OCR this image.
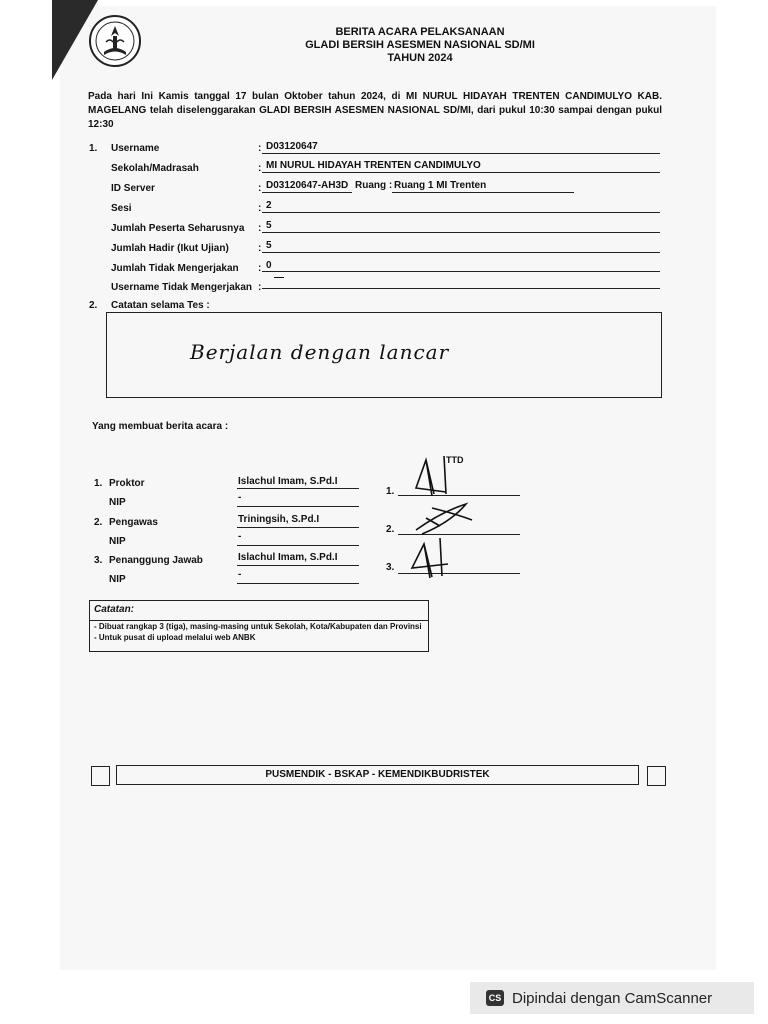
BERITA ACARA PELAKSANAAN
GLADI BERSIH ASESMEN NASIONAL SD/MI
TAHUN 2024
Pada hari Ini Kamis tanggal 17 bulan Oktober tahun 2024, di MI NURUL HIDAYAH TRENTEN CANDIMULYO KAB. MAGELANG telah diselenggarakan GLADI BERSIH ASESMEN NASIONAL SD/MI, dari pukul 10:30 sampai dengan pukul 12:30
1. Username	: D03120647
Sekolah/Madrasah	: MI NURUL HIDAYAH TRENTEN CANDIMULYO
ID Server	: D03120647-AH3D Ruang : Ruang 1 MI Trenten
Sesi	: 2
Jumlah Peserta Seharusnya : 5
Jumlah Hadir (Ikut Ujian)	: 5
Jumlah Tidak Mengerjakan : 0
Username Tidak Mengerjakan :
—
2. Catatan selama Tes :
Berjalan dengan lancar
Yang membuat berita acara :
TTD
1. Proktor	Islachul Imam, S.Pd.I
NIP	-
1.
2. Pengawas	Triningsih, S.Pd.I
NIP	-
2.
3. Penanggung Jawab	Islachul Imam, S.Pd.I
NIP	-
3.
Catatan:
- Dibuat rangkap 3 (tiga), masing-masing untuk Sekolah, Kota/Kabupaten dan Provinsi
- Untuk pusat di upload melalui web ANBK
PUSMENDIK - BSKAP - KEMENDIKBUDRISTEK
CS Dipindai dengan CamScanner
